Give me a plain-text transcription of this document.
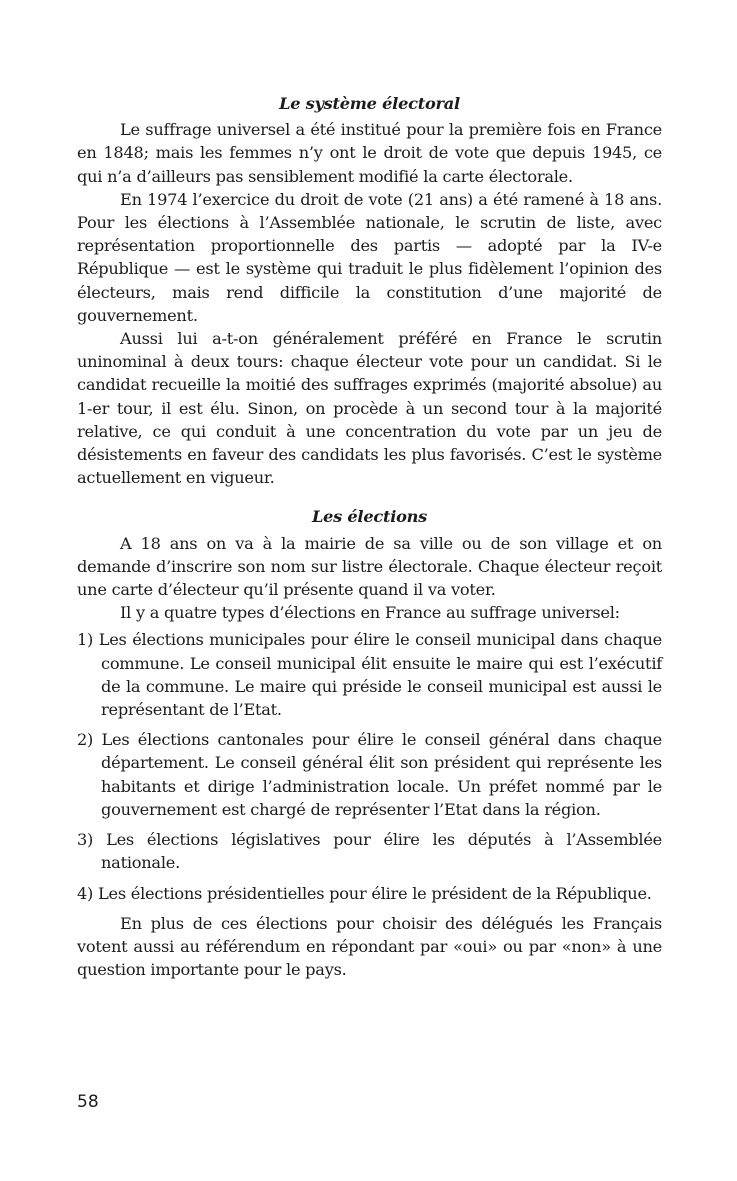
Le système électoral

Le suffrage universel a été institué pour la première fois en France en 1848; mais les femmes n’y ont le droit de vote que depuis 1945, ce qui n’a d’ailleurs pas sensiblement modifié la carte électorale.

En 1974 l’exercice du droit de vote (21 ans) a été ramené à 18 ans. Pour les élections à l’Assemblée nationale, le scrutin de liste, avec représentation proportionnelle des partis — adopté par la IV-e République — est le système qui traduit le plus fidèlement l’opinion des électeurs, mais rend difficile la constitution d’une majorité de gouvernement.

Aussi lui a-t-on généralement préféré en France le scrutin uninominal à deux tours: chaque électeur vote pour un candidat. Si le candidat recueille la moitié des suffrages exprimés (majorité absolue) au 1-er tour, il est élu. Sinon, on procède à un second tour à la majorité relative, ce qui conduit à une concentration du vote par un jeu de désistements en faveur des candidats les plus favorisés. C’est le système actuellement en vigueur.

Les élections

A 18 ans on va à la mairie de sa ville ou de son village et on demande d’inscrire son nom sur listre électorale. Chaque électeur reçoit une carte d’électeur qu’il présente quand il va voter.

Il y a quatre types d’élections en France au suffrage universel:

1) Les élections municipales pour élire le conseil municipal dans chaque commune. Le conseil municipal élit ensuite le maire qui est l’exécutif de la commune. Le maire qui préside le conseil municipal est aussi le représentant de l’Etat.
2) Les élections cantonales pour élire le conseil général dans chaque département. Le conseil général élit son président qui représente les habitants et dirige l’administration locale. Un préfet nommé par le gouvernement est chargé de représenter l’Etat dans la région.
3) Les élections législatives pour élire les députés à l’Assemblée nationale.
4) Les élections présidentielles pour élire le président de la République.

En plus de ces élections pour choisir des délégués les Français votent aussi au référendum en répondant par «oui» ou par «non» à une question importante pour le pays.

58
